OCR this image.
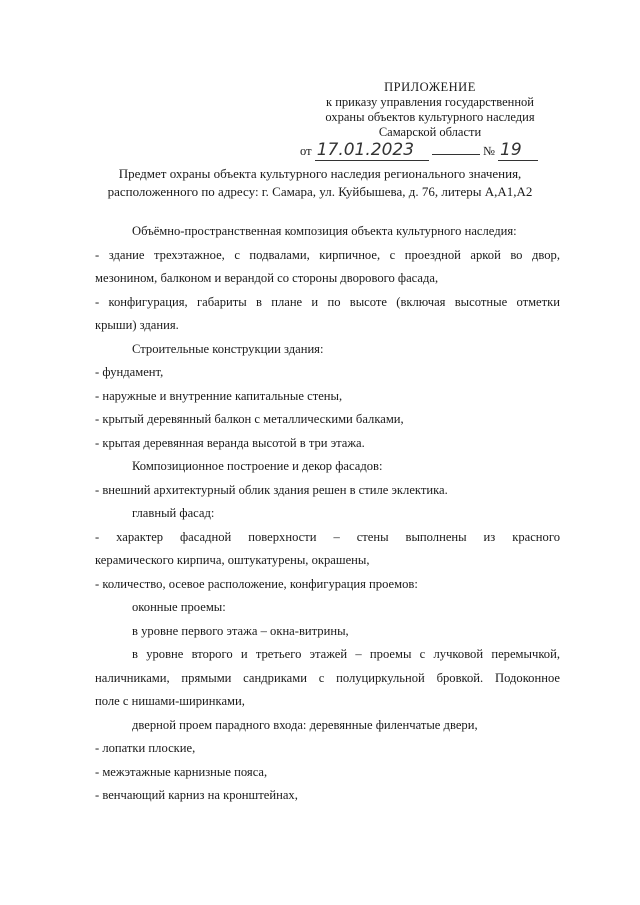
ПРИЛОЖЕНИЕ
к приказу управления государственной
охраны объектов культурного наследия
Самарской области
от 17.01.2023	№ 19
Предмет охраны объекта культурного наследия регионального значения,
расположенного по адресу: г. Самара, ул. Куйбышева, д. 76, литеры А,А1,А2

Объёмно-пространственная композиция объекта культурного наследия:

- здание трехэтажное, с подвалами, кирпичное, с проездной аркой во двор,

мезонином, балконом и верандой со стороны дворового фасада,

- конфигурация, габариты в плане и по высоте (включая высотные отметки

крыши) здания.

Строительные конструкции здания:

- фундамент,

- наружные и внутренние капитальные стены,

- крытый деревянный балкон с металлическими балками,

- крытая деревянная веранда высотой в три этажа.

Композиционное построение и декор фасадов:

- внешний архитектурный облик здания решен в стиле эклектика.

главный фасад:

- характер фасадной поверхности – стены выполнены из красного

керамического кирпича, оштукатурены, окрашены,

- количество, осевое расположение, конфигурация проемов:

оконные проемы:

в уровне первого этажа – окна-витрины,

в уровне второго и третьего этажей – проемы с лучковой перемычкой,

наличниками, прямыми сандриками с полуциркульной бровкой. Подоконное

поле с нишами-ширинками,

дверной проем парадного входа: деревянные филенчатые двери,

- лопатки плоские,

- межэтажные карнизные пояса,

- венчающий карниз на кронштейнах,
